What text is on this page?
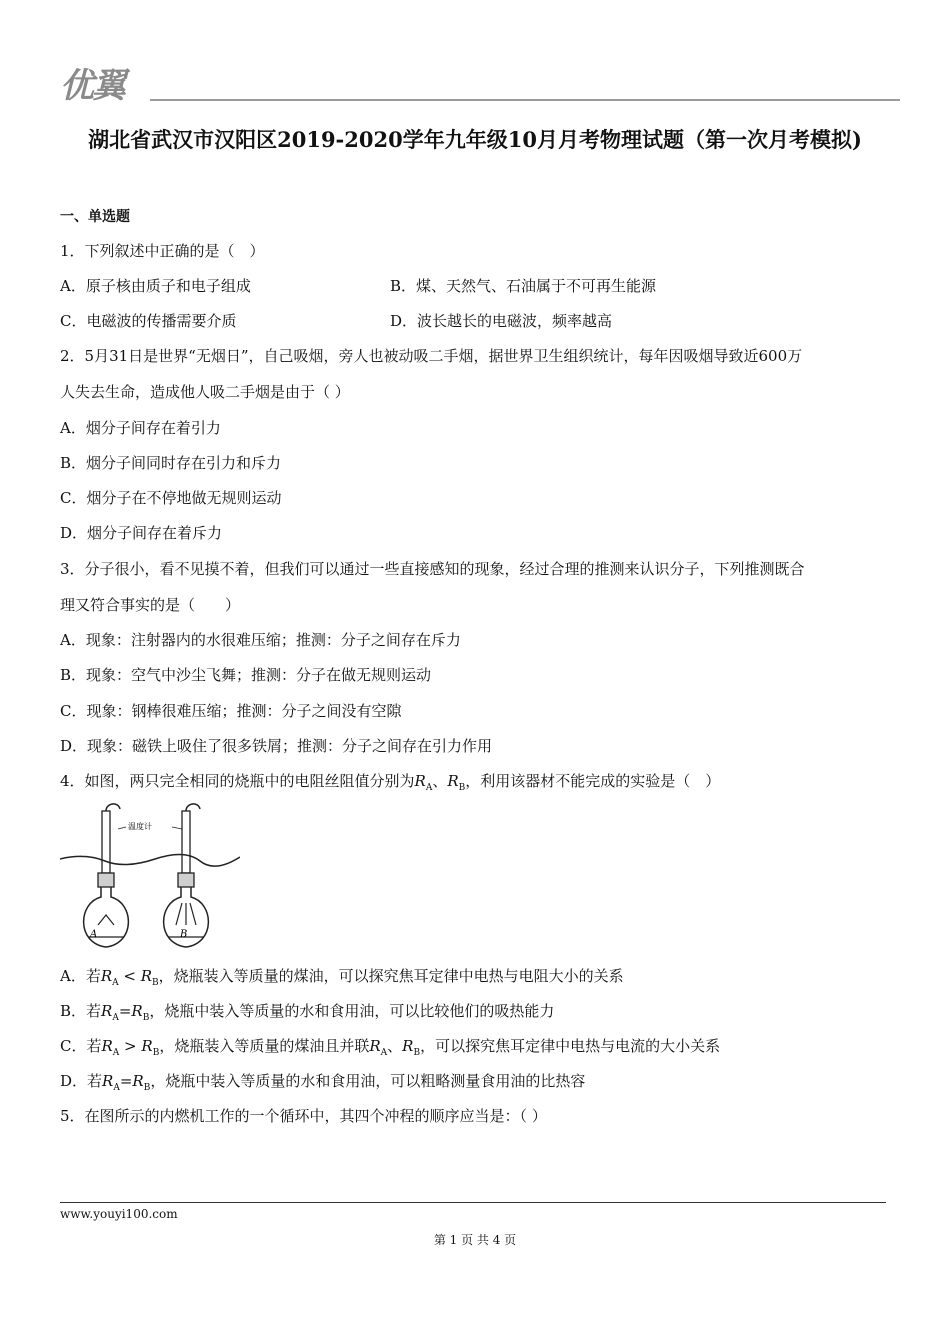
优翼
湖北省武汉市汉阳区2019-2020学年九年级10月月考物理试题（第一次月考模拟)
一、单选题
1．下列叙述中正确的是（　）
A．原子核由质子和电子组成	B．煤、天然气、石油属于不可再生能源
C．电磁波的传播需要介质	D．波长越长的电磁波，频率越高
2．5月31日是世界“无烟日”，自己吸烟，旁人也被动吸二手烟，据世界卫生组织统计，每年因吸烟导致近600万
人失去生命，造成他人吸二手烟是由于（ ）
A．烟分子间存在着引力
B．烟分子间同时存在引力和斥力
C．烟分子在不停地做无规则运动
D．烟分子间存在着斥力
3．分子很小，看不见摸不着，但我们可以通过一些直接感知的现象，经过合理的推测来认识分子，下列推测既合
理又符合事实的是（　　）
A．现象：注射器内的水很难压缩；推测：分子之间存在斥力
B．现象：空气中沙尘飞舞；推测：分子在做无规则运动
C．现象：钢棒很难压缩；推测：分子之间没有空隙
D．现象：磁铁上吸住了很多铁屑；推测：分子之间存在引力作用
4．如图，两只完全相同的烧瓶中的电阻丝阻值分别为$R_A$、$R_B$，利用该器材不能完成的实验是（　）
A	B
温度计
A．若$R_A < R_B$，烧瓶装入等质量的煤油，可以探究焦耳定律中电热与电阻大小的关系
B．若$R_A=R_B$，烧瓶中装入等质量的水和食用油，可以比较他们的吸热能力
C．若$R_A > R_B$，烧瓶装入等质量的煤油且并联$R_A$、$R_B$，可以探究焦耳定律中电热与电流的大小关系
D．若$R_A=R_B$，烧瓶中装入等质量的水和食用油，可以粗略测量食用油的比热容
5．在图所示的内燃机工作的一个循环中，其四个冲程的顺序应当是：（ ）
www.youyi100.com
第 1 页 共 4 页
